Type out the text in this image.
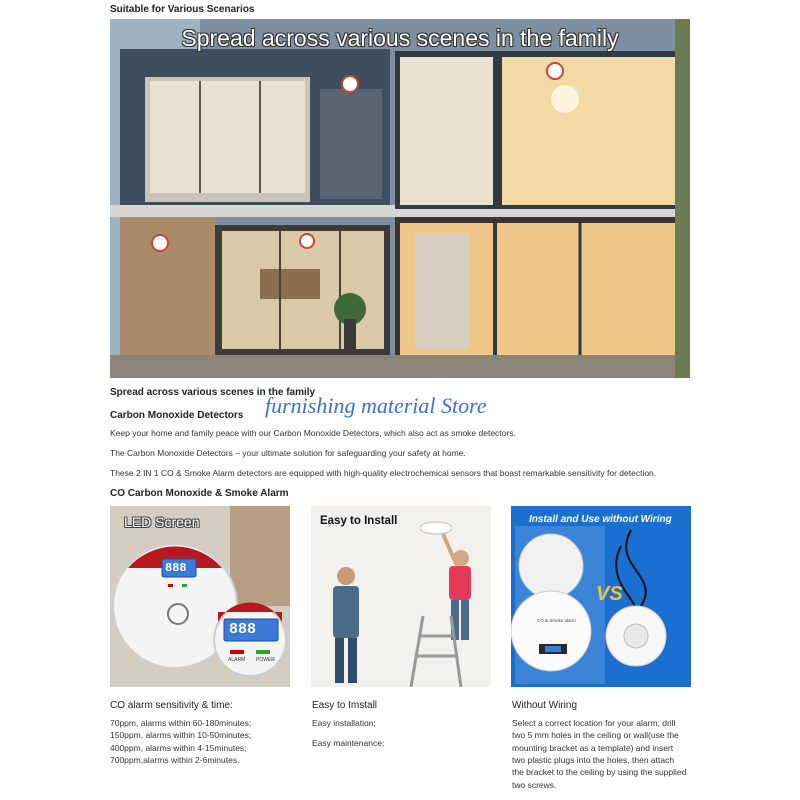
Suitable for Various Scenarios
Spread across various scenes in the family
Spread across various scenes in the family
furnishing material Store
Carbon Monoxide Detectors
Keep your home and family peace with our Carbon Monoxide Detectors, which also act as smoke detectors.
The Carbon Monoxide Detectors – your ultimate solution for safeguarding your safety at home.
These 2 IN 1 CO & Smoke Alarm detectors are equipped with high-quality electrochemical sensors that boast remarkable sensitivity for detection.
CO Carbon Monoxide & Smoke Alarm
LED Screen
888
888
ALARM POWER
Easy to Install	Install and Use without Wiring
VS
CO & Smoke alarm
CO alarm sensitivity & time:
70ppm, alarms within 60-180minutes;
150ppm, alarms within 10-50minutes;
400ppm, alarms within 4-15minutes;
700ppm,alarms within 2-6minutes.
Easy to Imstall
Easy installation;
Easy maintenance;
Without Wiring
Select a correct location for your alarm, drill
two 5 mm holes in the ceiling or wall(use the
mounting bracket as a template) and insert
two plastic plugs into the holes, then attach
the bracket to the ceiling by using the supplied
two screws.
